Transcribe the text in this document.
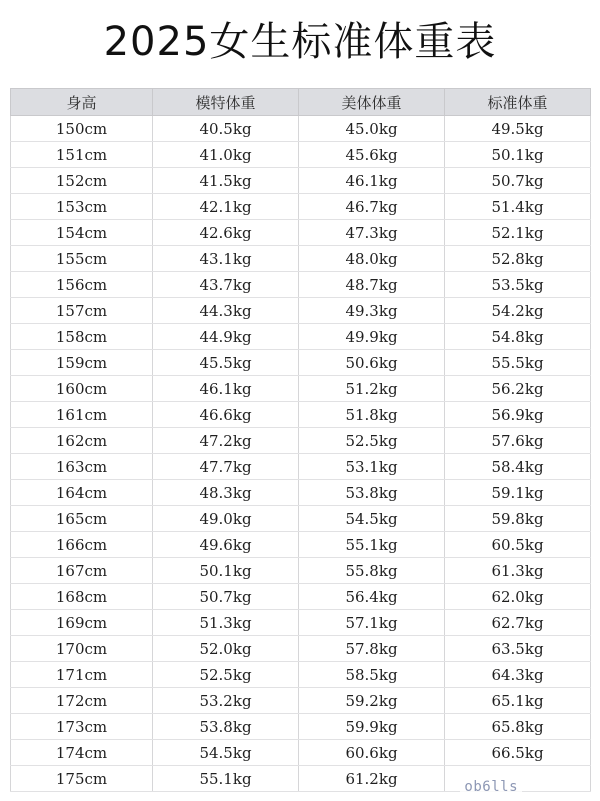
2025女生标准体重表
身高	模特体重	美体体重	标准体重
150cm	40.5kg	45.0kg	49.5kg
151cm	41.0kg	45.6kg	50.1kg
152cm	41.5kg	46.1kg	50.7kg
153cm	42.1kg	46.7kg	51.4kg
154cm	42.6kg	47.3kg	52.1kg
155cm	43.1kg	48.0kg	52.8kg
156cm	43.7kg	48.7kg	53.5kg
157cm	44.3kg	49.3kg	54.2kg
158cm	44.9kg	49.9kg	54.8kg
159cm	45.5kg	50.6kg	55.5kg
160cm	46.1kg	51.2kg	56.2kg
161cm	46.6kg	51.8kg	56.9kg
162cm	47.2kg	52.5kg	57.6kg
163cm	47.7kg	53.1kg	58.4kg
164cm	48.3kg	53.8kg	59.1kg
165cm	49.0kg	54.5kg	59.8kg
166cm	49.6kg	55.1kg	60.5kg
167cm	50.1kg	55.8kg	61.3kg
168cm	50.7kg	56.4kg	62.0kg
169cm	51.3kg	57.1kg	62.7kg
170cm	52.0kg	57.8kg	63.5kg
171cm	52.5kg	58.5kg	64.3kg
172cm	53.2kg	59.2kg	65.1kg
173cm	53.8kg	59.9kg	65.8kg
174cm	54.5kg	60.6kg	66.5kg
175cm	55.1kg	61.2kg		ob6lls
